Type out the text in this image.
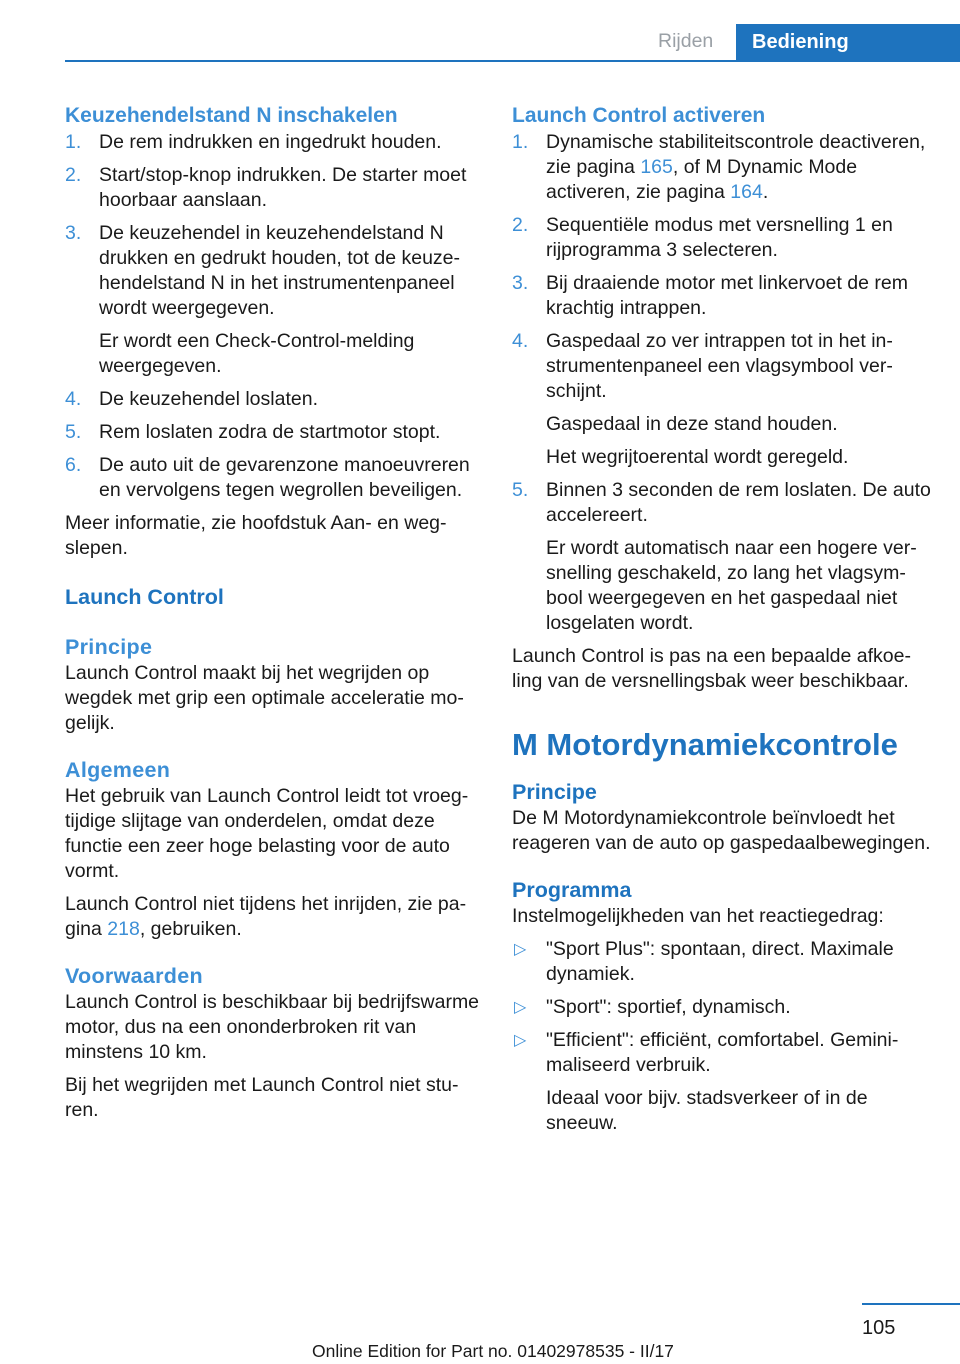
Rijden	Bediening
Keuzehendelstand N inschakelen
1. De rem indrukken en ingedrukt houden.
2. Start/stop-knop indrukken. De starter moet hoorbaar aanslaan.
3. De keuzehendel in keuzehendelstand N drukken en gedrukt houden, tot de keuzehendelstand N in het instrumentenpaneel wordt weergegeven.
Er wordt een Check-Control-melding weergegeven.
4. De keuzehendel loslaten.
5. Rem loslaten zodra de startmotor stopt.
6. De auto uit de gevarenzone manoeuvreren en vervolgens tegen wegrollen beveiligen.

Meer informatie, zie hoofdstuk Aan- en wegslepen.

Launch Control
Principe

Launch Control maakt bij het wegrijden op wegdek met grip een optimale acceleratie mogelijk.

Algemeen

Het gebruik van Launch Control leidt tot vroegtijdige slijtage van onderdelen, omdat deze functie een zeer hoge belasting voor de auto vormt.

Launch Control niet tijdens het inrijden, zie pagina 218, gebruiken.

Voorwaarden

Launch Control is beschikbaar bij bedrijfswarme motor, dus na een ononderbroken rit van minstens 10 km.

Bij het wegrijden met Launch Control niet sturen.

Launch Control activeren
1. Dynamische stabiliteitscontrole deactiveren, zie pagina 165, of M Dynamic Mode activeren, zie pagina 164.
2. Sequentiële modus met versnelling 1 en rijprogramma 3 selecteren.
3. Bij draaiende motor met linkervoet de rem krachtig intrappen.
4. Gaspedaal zo ver intrappen tot in het instrumentenpaneel een vlagsymbool verschijnt.
Gaspedaal in deze stand houden.
Het wegrijtoerental wordt geregeld.
5. Binnen 3 seconden de rem loslaten. De auto accelereert.
Er wordt automatisch naar een hogere versnelling geschakeld, zo lang het vlagsymbool weergegeven en het gaspedaal niet losgelaten wordt.

Launch Control is pas na een bepaalde afkoeling van de versnellingsbak weer beschikbaar.

M Motordynamiekcontrole
Principe

De M Motordynamiekcontrole beïnvloedt het reageren van de auto op gaspedaalbewegingen.

Programma

Instelmogelijkheden van het reactiegedrag:

▷ "Sport Plus": spontaan, direct. Maximale dynamiek.
▷ "Sport": sportief, dynamisch.
▷ "Efficient": efficiënt, comfortabel. Geminimaliseerd verbruik.
Ideaal voor bijv. stadsverkeer of in de sneeuw.
105
Online Edition for Part no. 01402978535 - II/17
